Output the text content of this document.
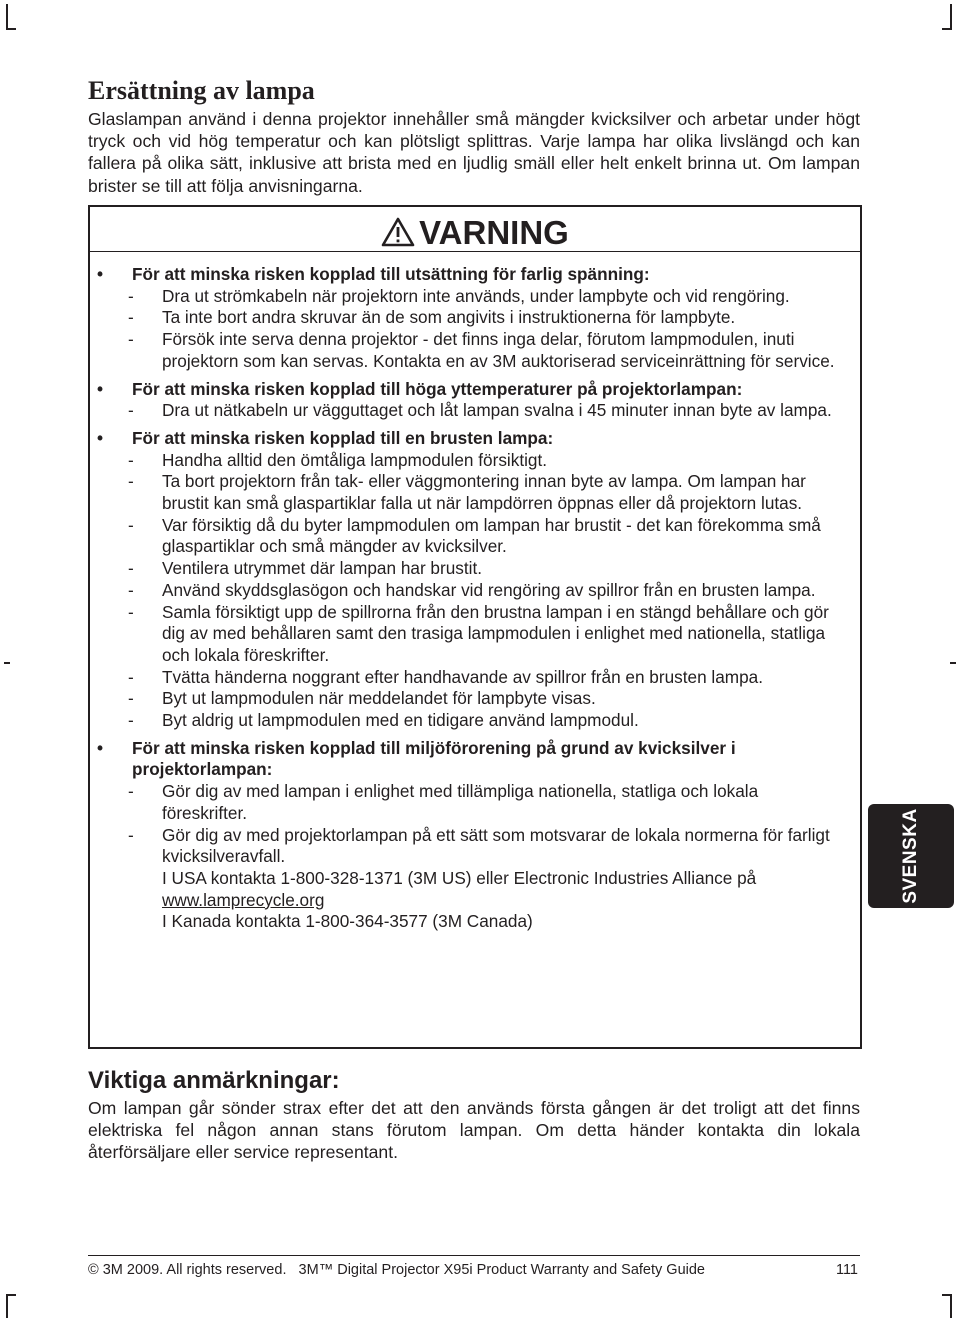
Ersättning av lampa

Glaslampan använd i denna projektor innehåller små mängder kvicksilver och arbetar under högt tryck och vid hög temperatur och kan plötsligt splittras. Varje lampa har olika livslängd och kan fallera på olika sätt, inklusive att brista med en ljudlig smäll eller helt enkelt brinna ut. Om lampan brister se till att följa anvisningarna.

VARNING
• För att minska risken kopplad till utsättning för farlig spänning:
- Dra ut strömkabeln när projektorn inte används, under lampbyte och vid rengöring.
- Ta inte bort andra skruvar än de som angivits i instruktionerna för lampbyte.
- Försök inte serva denna projektor - det finns inga delar, förutom lampmodulen, inuti projektorn som kan servas. Kontakta en av 3M auktoriserad serviceinrättning för service.
• För att minska risken kopplad till höga yttemperaturer på projektorlampan:
- Dra ut nätkabeln ur vägguttaget och låt lampan svalna i 45 minuter innan byte av lampa.
• För att minska risken kopplad till en brusten lampa:
- Handha alltid den ömtåliga lampmodulen försiktigt.
- Ta bort projektorn från tak- eller väggmontering innan byte av lampa. Om lampan har brustit kan små glaspartiklar falla ut när lampdörren öppnas eller då projektorn lutas.
- Var försiktig då du byter lampmodulen om lampan har brustit - det kan förekomma små glaspartiklar och små mängder av kvicksilver.
- Ventilera utrymmet där lampan har brustit.
- Använd skyddsglasögon och handskar vid rengöring av spillror från en brusten lampa.
- Samla försiktigt upp de spillrorna från den brustna lampan i en stängd behållare och gör dig av med behållaren samt den trasiga lampmodulen i enlighet med nationella, statliga och lokala föreskrifter.
- Tvätta händerna noggrant efter handhavande av spillror från en brusten lampa.
- Byt ut lampmodulen när meddelandet för lampbyte visas.
- Byt aldrig ut lampmodulen med en tidigare använd lampmodul.
• För att minska risken kopplad till miljöförorening på grund av kvicksilver i projektorlampan:
- Gör dig av med lampan i enlighet med tillämpliga nationella, statliga och lokala föreskrifter.
- Gör dig av med projektorlampan på ett sätt som motsvarar de lokala normerna för farligt kvicksilveravfall.
I USA kontakta 1-800-328-1371 (3M US) eller Electronic Industries Alliance på
www.lamprecycle.org
I Kanada kontakta 1-800-364-3577 (3M Canada)
Viktiga anmärkningar:

Om lampan går sönder strax efter det att den används första gången är det troligt att det finns elektriska fel någon annan stans förutom lampan. Om detta händer kontakta din lokala återförsäljare eller service representant.

SVENSKA
© 3M 2009. All rights reserved.   3M™ Digital Projector X95i Product Warranty and Safety Guide	111
